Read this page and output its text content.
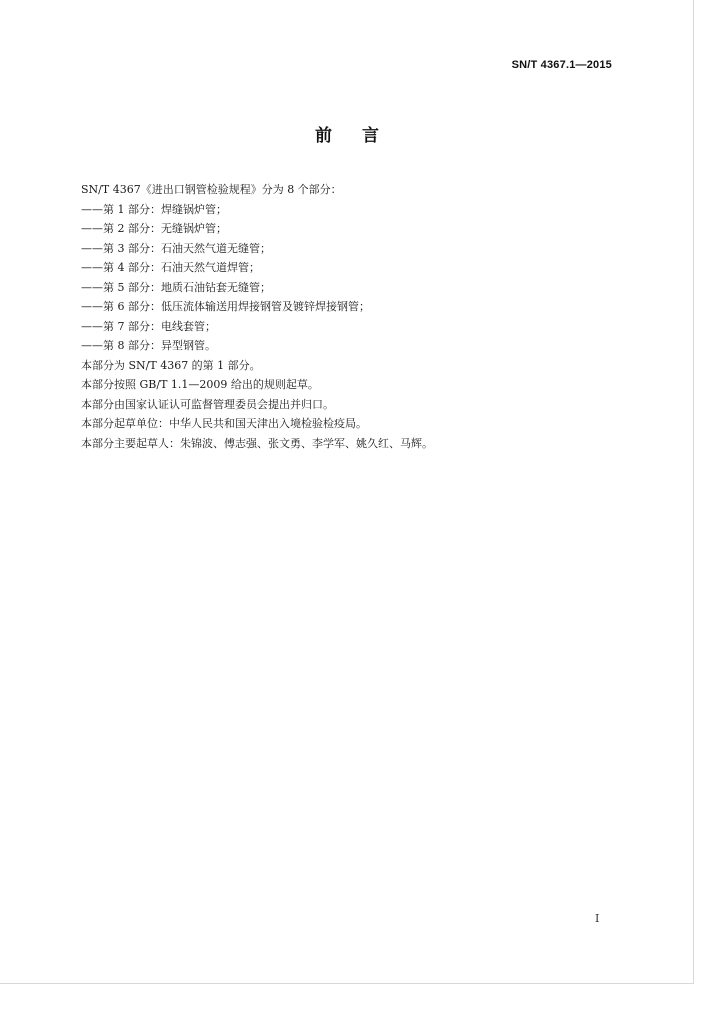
SN/T 4367.1—2015
前言
SN/T 4367《进出口钢管检验规程》分为 8 个部分：
——第 1 部分：焊缝锅炉管；
——第 2 部分：无缝锅炉管；
——第 3 部分：石油天然气道无缝管；
——第 4 部分：石油天然气道焊管；
——第 5 部分：地质石油钻套无缝管；
——第 6 部分：低压流体输送用焊接钢管及镀锌焊接钢管；
——第 7 部分：电线套管；
——第 8 部分：异型钢管。
本部分为 SN/T 4367 的第 1 部分。
本部分按照 GB/T 1.1—2009 给出的规则起草。
本部分由国家认证认可监督管理委员会提出并归口。
本部分起草单位：中华人民共和国天津出入境检验检疫局。
本部分主要起草人：朱锦波、傅志强、张文勇、李学军、姚久红、马辉。
I
